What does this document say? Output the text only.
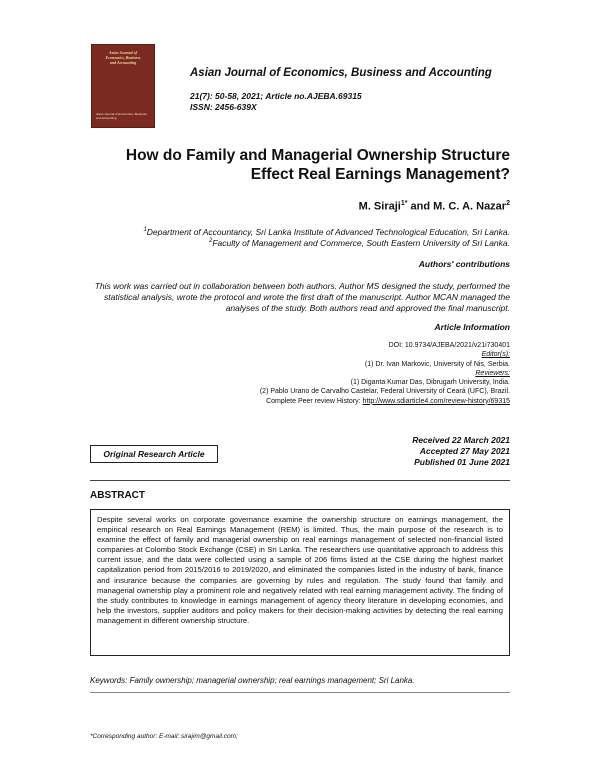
Asian Journal of
Economics, Business
and Accounting
Asian Journal of Economics, Business and Accounting
Asian Journal of Economics, Business and Accounting
21(7): 50-58, 2021; Article no.AJEBA.69315
ISSN: 2456-639X
How do Family and Managerial Ownership Structure
Effect Real Earnings Management?
M. Siraji$^{1*}$ and M. C. A. Nazar$^2$
$^1$Department of Accountancy, Sri Lanka Institute of Advanced Technological Education, Sri Lanka.
$^2$Faculty of Management and Commerce, South Eastern University of Sri Lanka.
Authors' contributions
This work was carried out in collaboration between both authors. Author MS designed the study, performed the statistical analysis, wrote the protocol and wrote the first draft of the manuscript. Author MCAN managed the analyses of the study. Both authors read and approved the final manuscript.
Article Information
DOI: 10.9734/AJEBA/2021/v21i730401
Editor(s):
(1) Dr. Ivan Markovic, University of Nis, Serbia.
Reviewers:
(1) Diganta Kumar Das, Dibrugarh University, India.
(2) Pablo Urano de Carvalho Castelar, Federal University of Ceará (UFC), Brazil.
Complete Peer review History: http://www.sdiarticle4.com/review-history/69315
Original Research Article
Received 22 March 2021
Accepted 27 May 2021
Published 01 June 2021
ABSTRACT
Despite several works on corporate governance examine the ownership structure on earnings management, the empirical research on Real Earnings Management (REM) is limited. Thus, the main purpose of the research is to examine the effect of family and managerial ownership on real earnings management of selected non-financial listed companies at Colombo Stock Exchange (CSE) in Sri Lanka. The researchers use quantitative approach to address this current issue, and the data were collected using a sample of 206 firms listed at the CSE during the highest market capitalization period from 2015/2016 to 2019/2020, and eliminated the companies listed in the industry of bank, finance and insurance because the companies are governing by rules and regulation. The study found that family and managerial ownership play a prominent role and negatively related with real earning management activity. The finding of the study contributes to knowledge in earnings management of agency theory literature in developing economies, and help the investors, supplier auditors and policy makers for their decision-making activities by detecting the real earning management in different ownership structure.
Keywords: Family ownership; managerial ownership; real earnings management; Sri Lanka.
*Corresponding author: E-mail: sirajim@gmail.com;
